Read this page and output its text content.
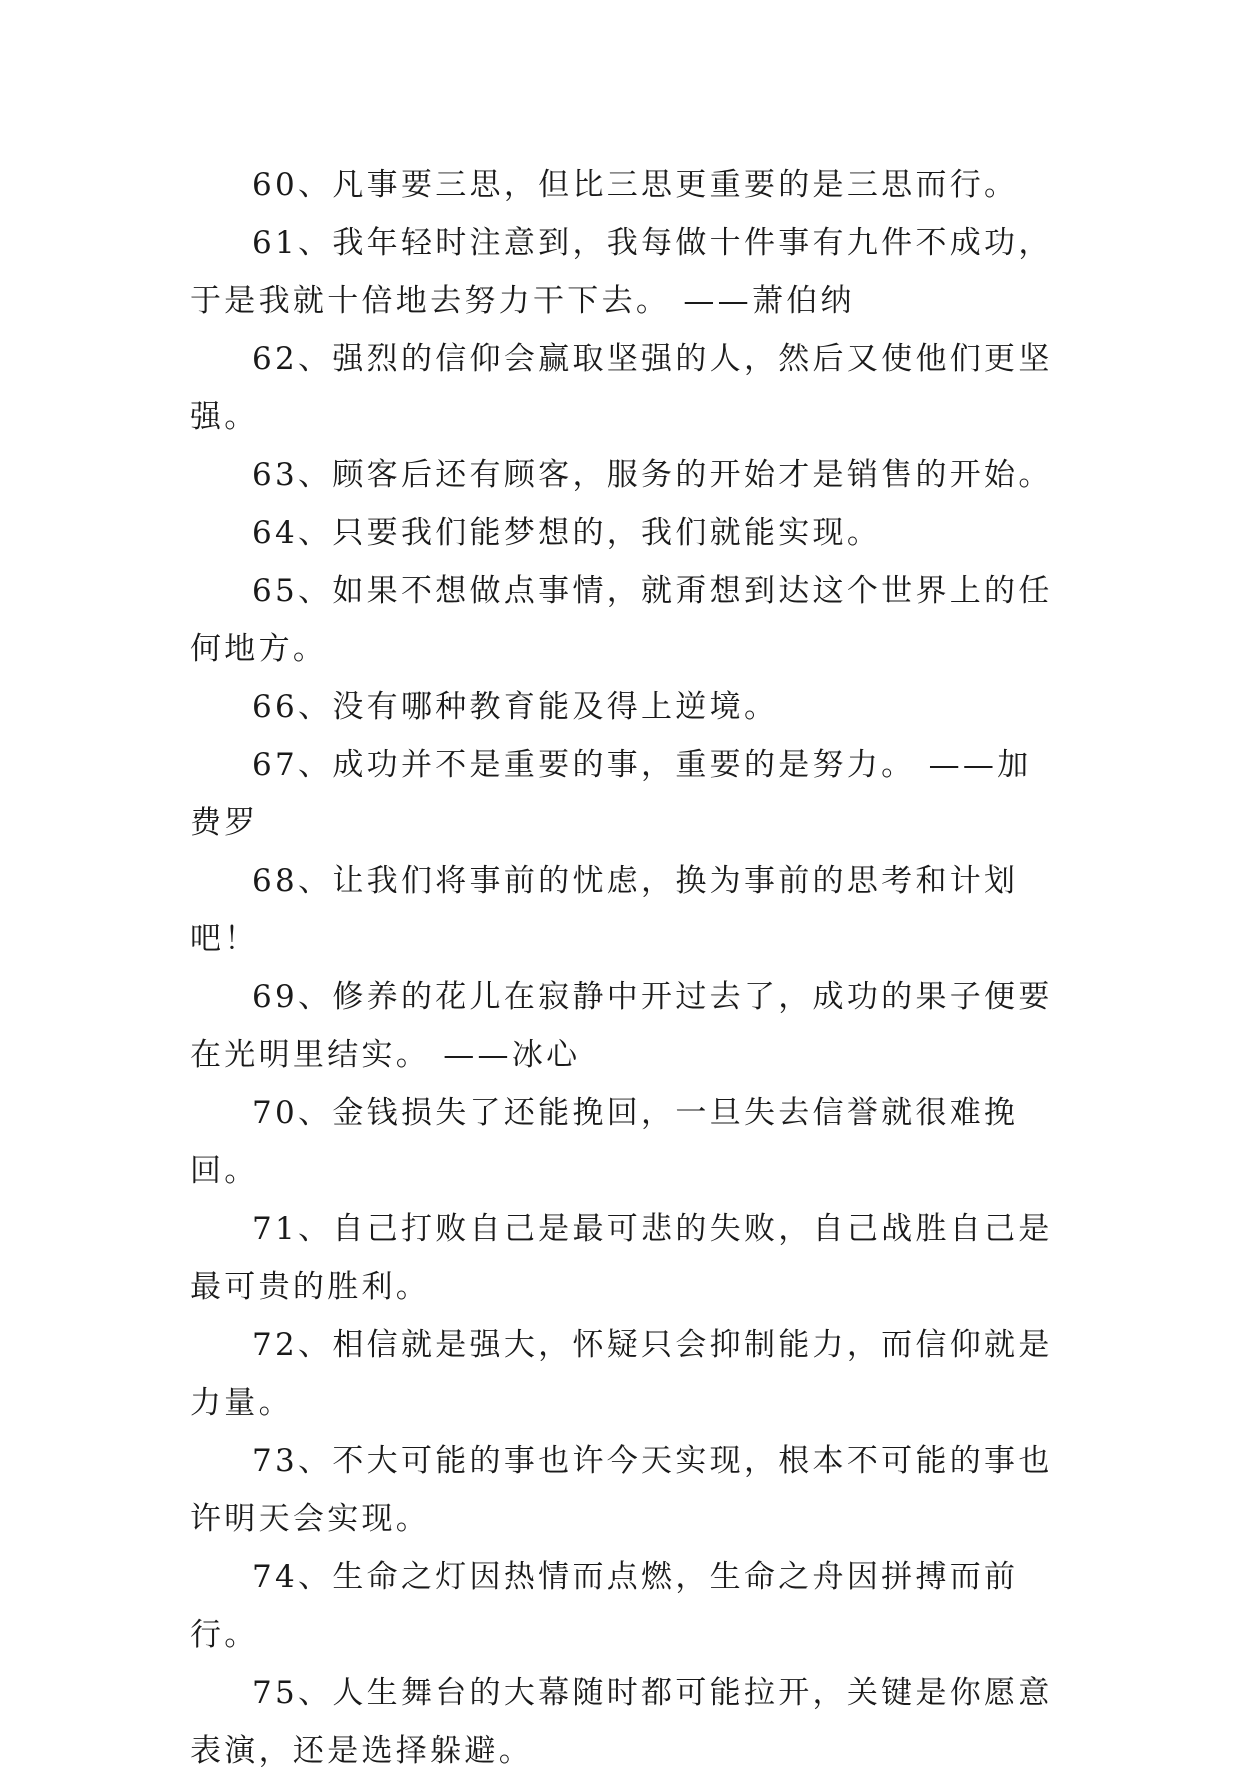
60、凡事要三思，但比三思更重要的是三思而行。

61、我年轻时注意到，我每做十件事有九件不成功，于是我就十倍地去努力干下去。 ——萧伯纳

62、强烈的信仰会赢取坚强的人，然后又使他们更坚强。

63、顾客后还有顾客，服务的开始才是销售的开始。

64、只要我们能梦想的，我们就能实现。

65、如果不想做点事情，就甭想到达这个世界上的任何地方。

66、没有哪种教育能及得上逆境。

67、成功并不是重要的事，重要的是努力。 ——加费罗

68、让我们将事前的忧虑，换为事前的思考和计划吧！

69、修养的花儿在寂静中开过去了，成功的果子便要在光明里结实。 ——冰心

70、金钱损失了还能挽回，一旦失去信誉就很难挽回。

71、自己打败自己是最可悲的失败，自己战胜自己是最可贵的胜利。

72、相信就是强大，怀疑只会抑制能力，而信仰就是力量。

73、不大可能的事也许今天实现，根本不可能的事也许明天会实现。

74、生命之灯因热情而点燃，生命之舟因拼搏而前行。

75、人生舞台的大幕随时都可能拉开，关键是你愿意表演，还是选择躲避。
